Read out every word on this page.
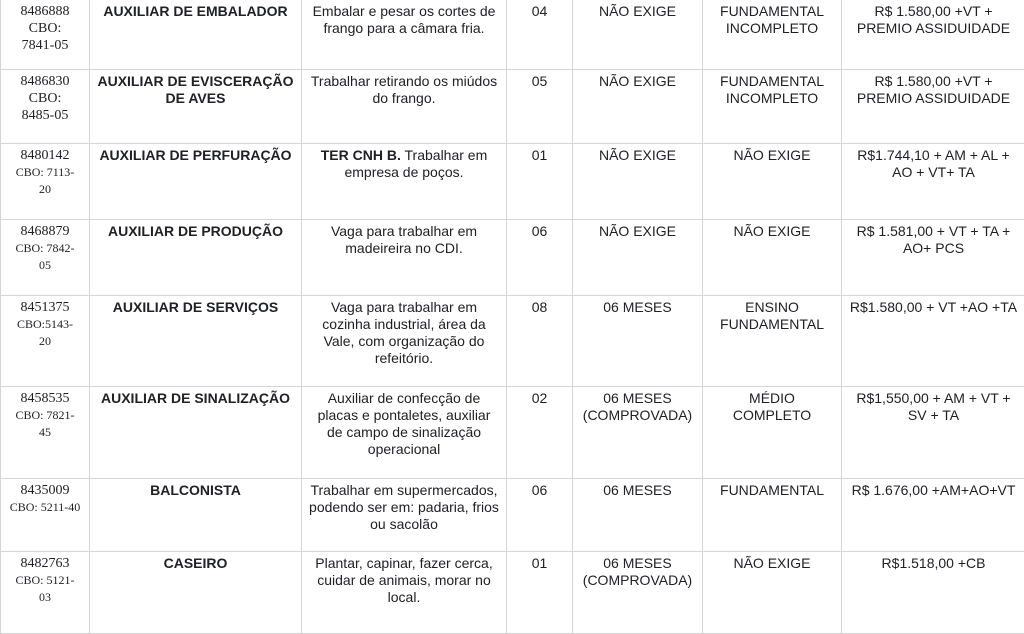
8486888
CBO:
7841-05	AUXILIAR DE EMBALADOR	Embalar e pesar os cortes de frango para a câmara fria.	04	NÃO EXIGE	FUNDAMENTAL INCOMPLETO	R$ 1.580,00 +VT + PREMIO ASSIDUIDADE

8486830
CBO:
8485-05	AUXILIAR DE EVISCERAÇÃO DE AVES	Trabalhar retirando os miúdos do frango.	05	NÃO EXIGE	FUNDAMENTAL INCOMPLETO	R$ 1.580,00 +VT + PREMIO ASSIDUIDADE

8480142
CBO: 7113-
20	AUXILIAR DE PERFURAÇÃO	TER CNH B. Trabalhar em empresa de poços.	01	NÃO EXIGE	NÃO EXIGE	R$1.744,10 + AM + AL + AO + VT+ TA

8468879
CBO: 7842-
05	AUXILIAR DE PRODUÇÃO	Vaga para trabalhar em madeireira no CDI.	06	NÃO EXIGE	NÃO EXIGE	R$ 1.581,00 + VT + TA + AO+ PCS

8451375
CBO:5143-
20	AUXILIAR DE SERVIÇOS	Vaga para trabalhar em cozinha industrial, área da Vale, com organização do refeitório.	08	06 MESES	ENSINO FUNDAMENTAL	R$1.580,00 + VT +AO +TA

8458535
CBO: 7821-
45	AUXILIAR DE SINALIZAÇÃO	Auxiliar de confecção de placas e pontaletes, auxiliar de campo de sinalização operacional	02	06 MESES (COMPROVADA)	MÉDIO COMPLETO	R$1,550,00 + AM + VT + SV + TA

8435009
CBO: 5211-40	BALCONISTA	Trabalhar em supermercados, podendo ser em: padaria, frios ou sacolão	06	06 MESES	FUNDAMENTAL	R$ 1.676,00 +AM+AO+VT

8482763
CBO: 5121-
03	CASEIRO	Plantar, capinar, fazer cerca, cuidar de animais, morar no local.	01	06 MESES (COMPROVADA)	NÃO EXIGE	R$1.518,00 +CB
